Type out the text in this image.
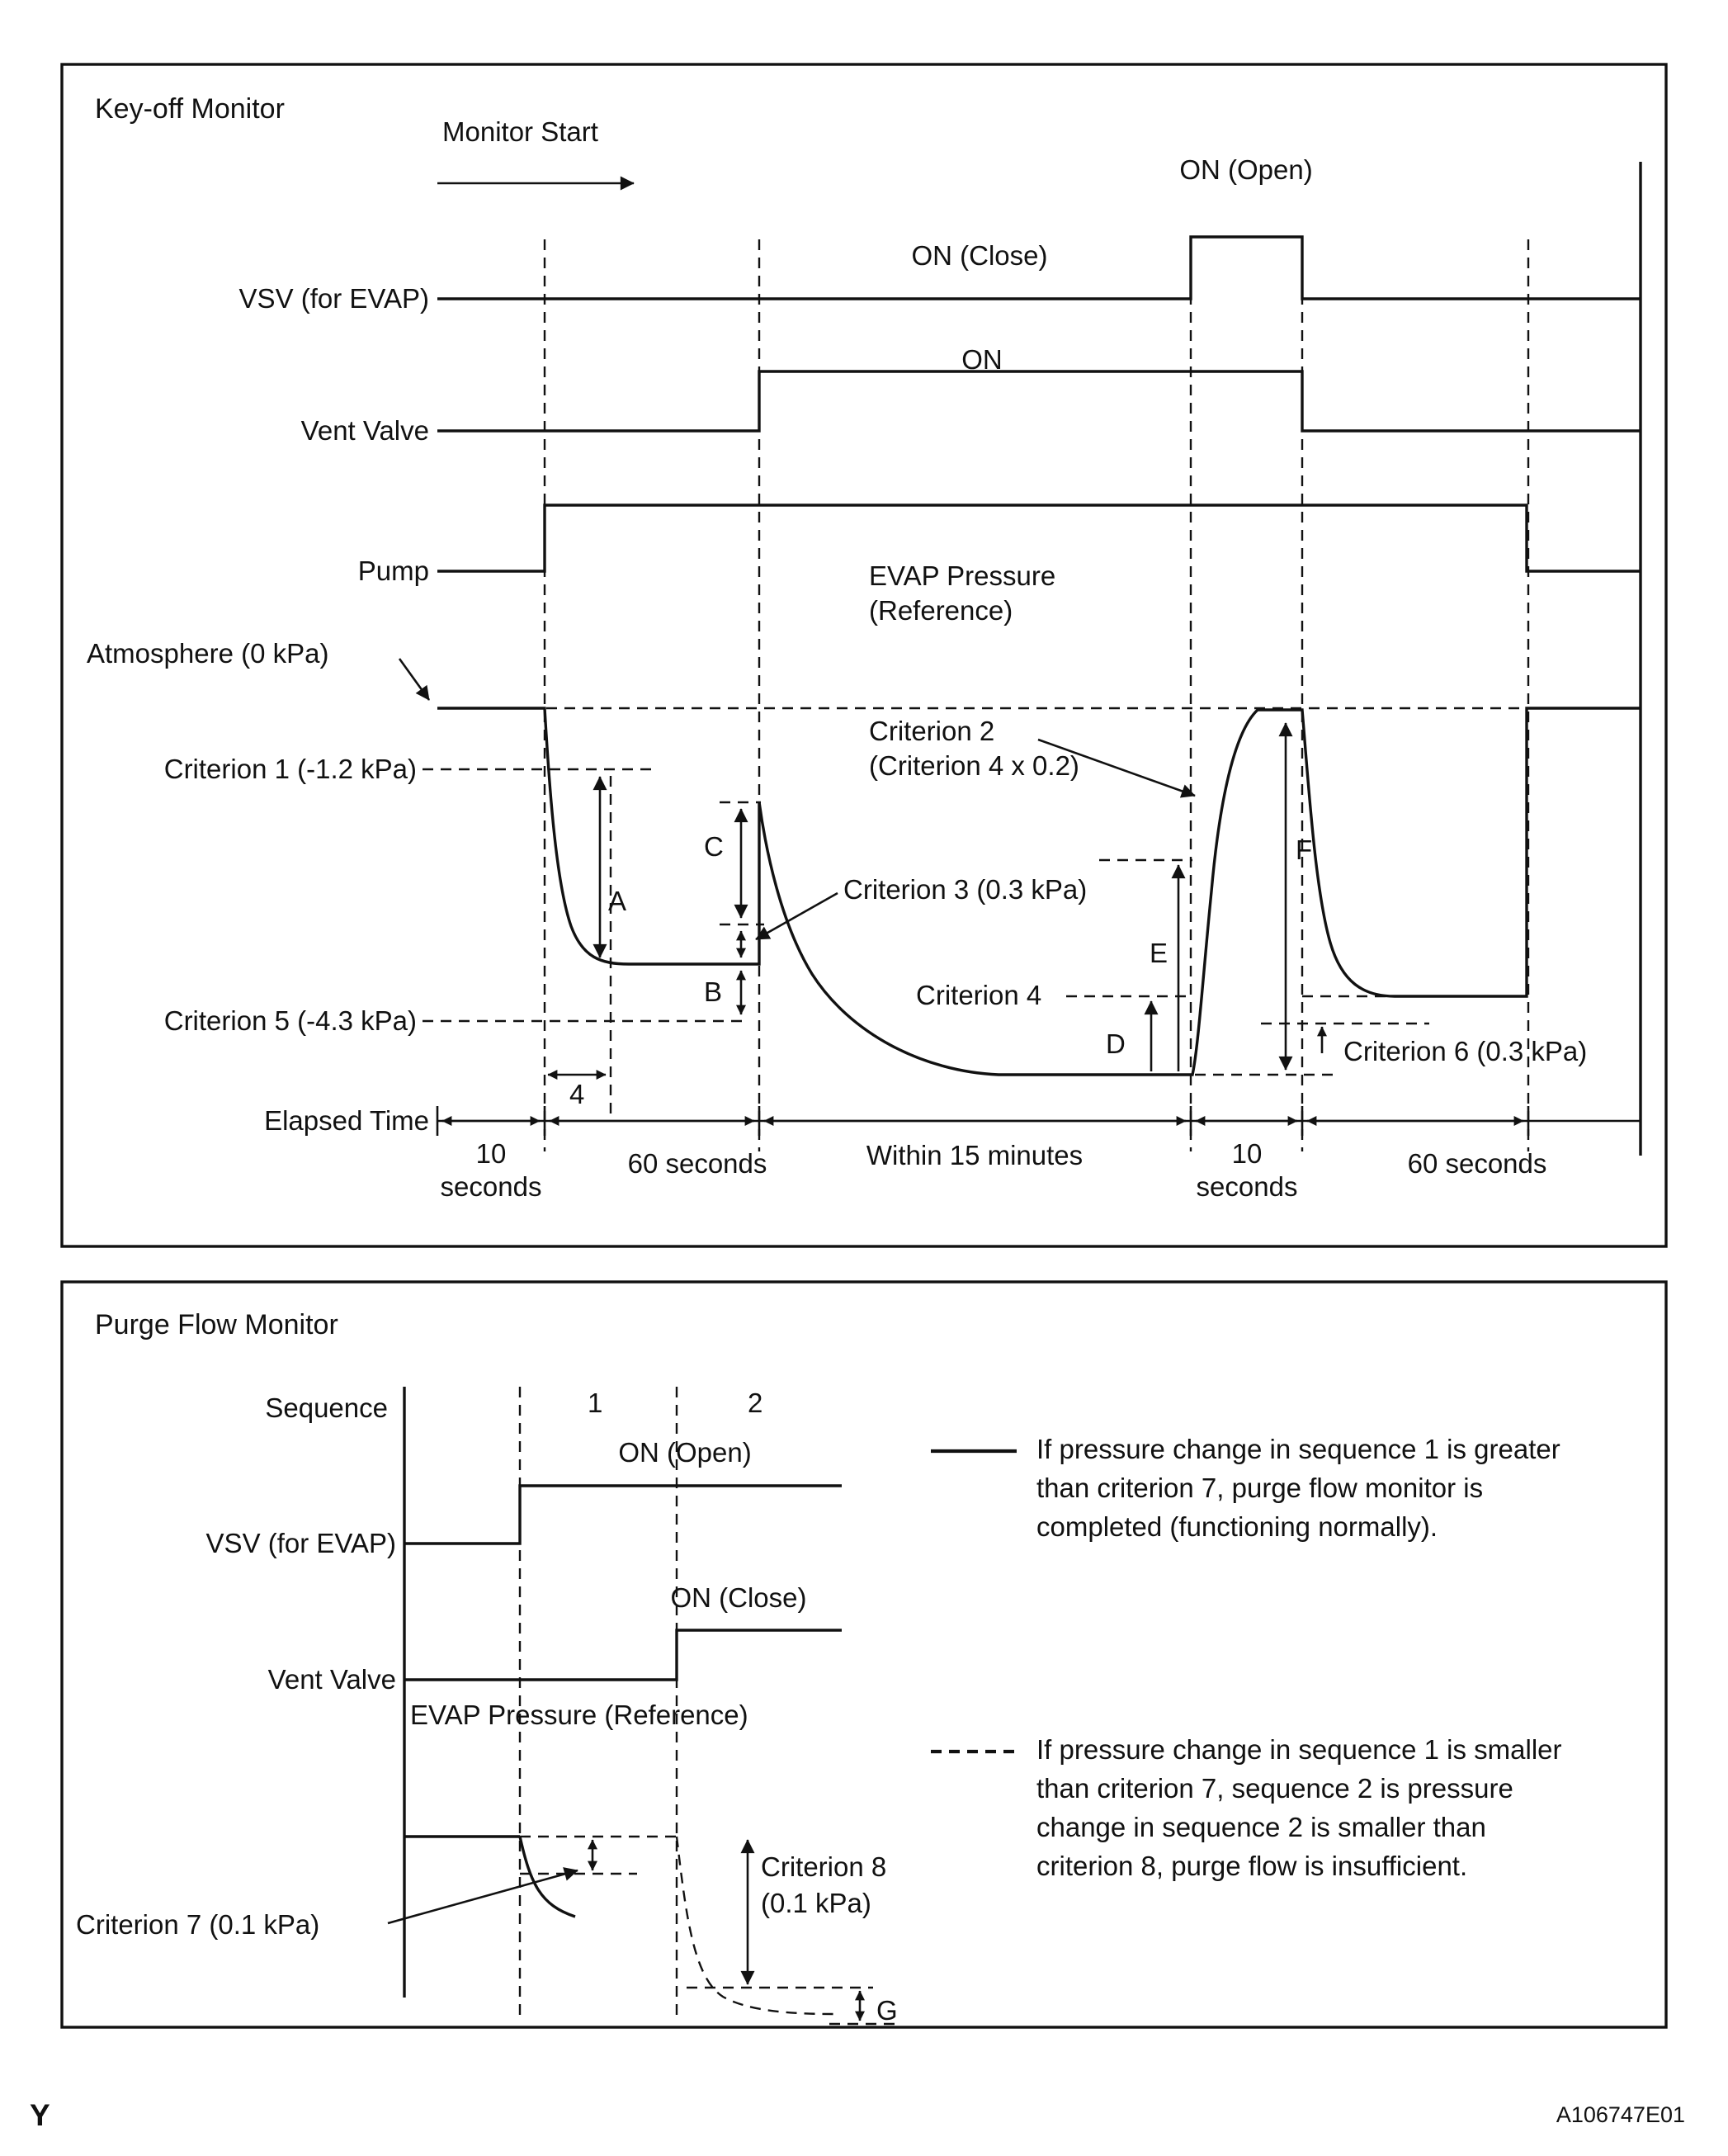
Key-off Monitor
Monitor Start
ON (Open)
ON (Close)
VSV (for EVAP)
ON
Vent Valve
Pump	EVAP Pressure
(Reference)
Atmosphere (0 kPa)
Criterion 1 (-1.2 kPa)
Criterion 2
(Criterion 4 x 0.2)
Criterion 3 (0.3 kPa)
Criterion 4
Criterion 5 (-4.3 kPa)
Criterion 6 (0.3 kPa)
A
B
C
D
E
F
4
Elapsed Time
10 seconds
60 seconds	Within 15 minutes	10 seconds
60 seconds
Purge Flow Monitor
Sequence	1	2
ON (Open)
VSV (for EVAP)
ON (Close)
Vent Valve
EVAP Pressure (Reference)
Criterion 7 (0.1 kPa)
Criterion 8
(0.1 kPa)
G
If pressure change in sequence 1 is greater than criterion 7, purge flow monitor is completed (functioning normally).
If pressure change in sequence 1 is smaller than criterion 7, sequence 2 is pressure change in sequence 2 is smaller than criterion 8, purge flow is insufficient.
Y	A106747E01
